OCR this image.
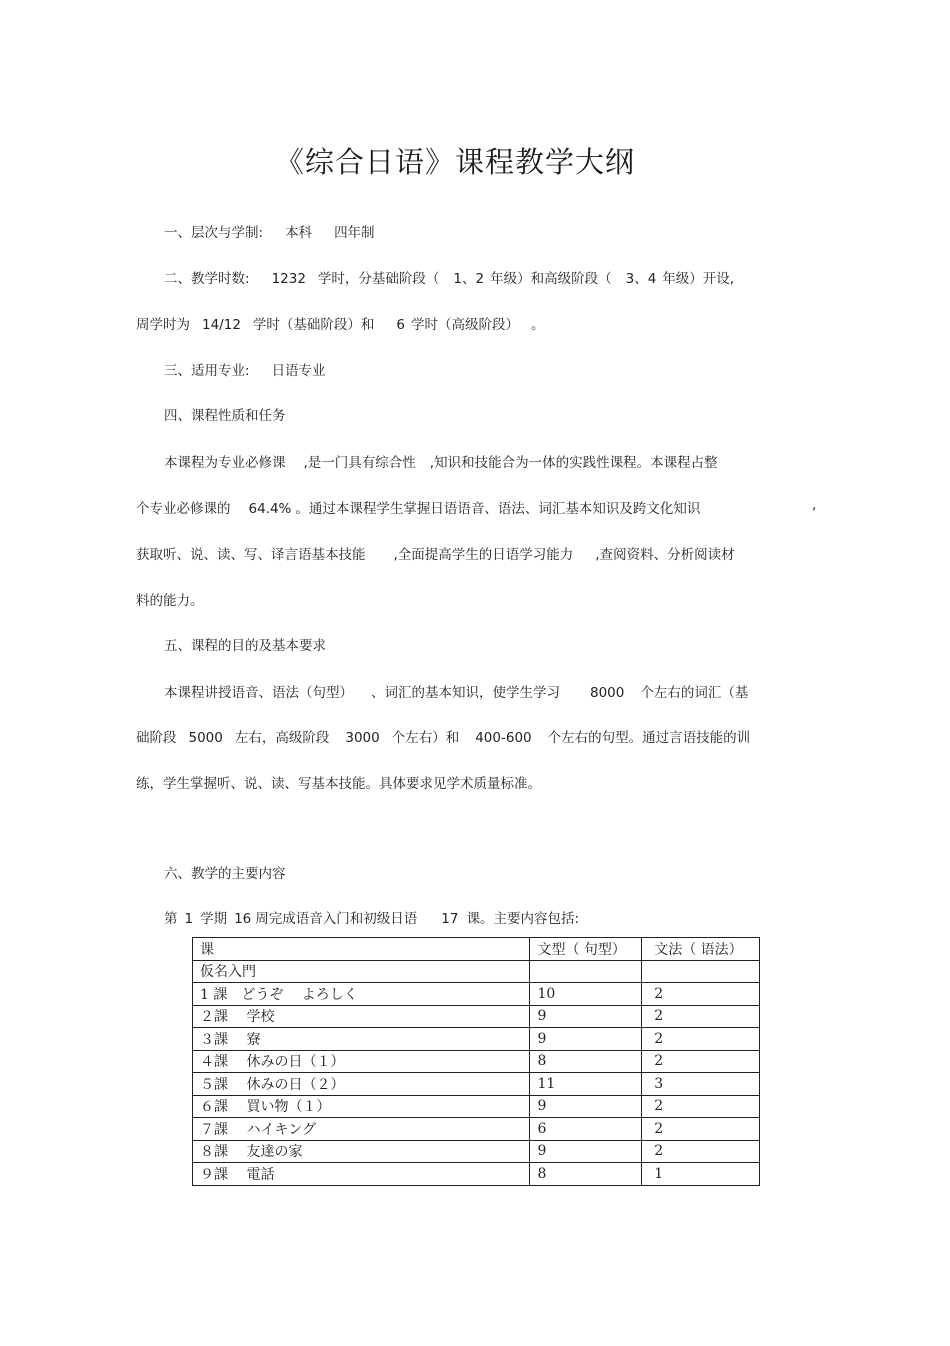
《综合日语》课程教学大纲
一、层次与学制: 本科 四年制
二、教学时数: 1232 学时，分基础阶段（ 1、2 年级）和高级阶段（ 3、4 年级）开设,
周学时为 14/12 学时（基础阶段）和 6 学时（高级阶段） 。
三、适用专业: 日语专业
四、课程性质和任务
本课程为专业必修课 ,是一门具有综合性 ,知识和技能合为一体的实践性课程。本课程占整
个专业必修课的 64.4% 。通过本课程学生掌握日语语音、语法、词汇基本知识及跨文化知识	,
获取听、说、读、写、译言语基本技能 ,全面提高学生的日语学习能力 ,查阅资料、分析阅读材
料的能力。
五、课程的目的及基本要求
本课程讲授语音、语法（句型） 、词汇的基本知识，使学生学习 8000 个左右的词汇（基
础阶段 5000 左右，高级阶段 3000 个左右）和 400-600 个左右的句型。通过言语技能的训
练，学生掌握听、说、读、写基本技能。具体要求见学术质量标准。
六、教学的主要内容
第 1 学期 16 周完成语音入门和初级日语 17 课。主要内容包括:
课	文型（ 句型）	文法（ 语法）
仮名入門		
1 課　どうぞ　 よろしく	10	2
２課　 学校	9	2
３課　 寮	9	2
４課　 休みの日（１）	8	2
５課　 休みの日（２）	11	3
６課　 買い物（１）	9	2
７課　 ハイキング	6	2
８課　 友達の家	9	2
９課　 電話	8	1
